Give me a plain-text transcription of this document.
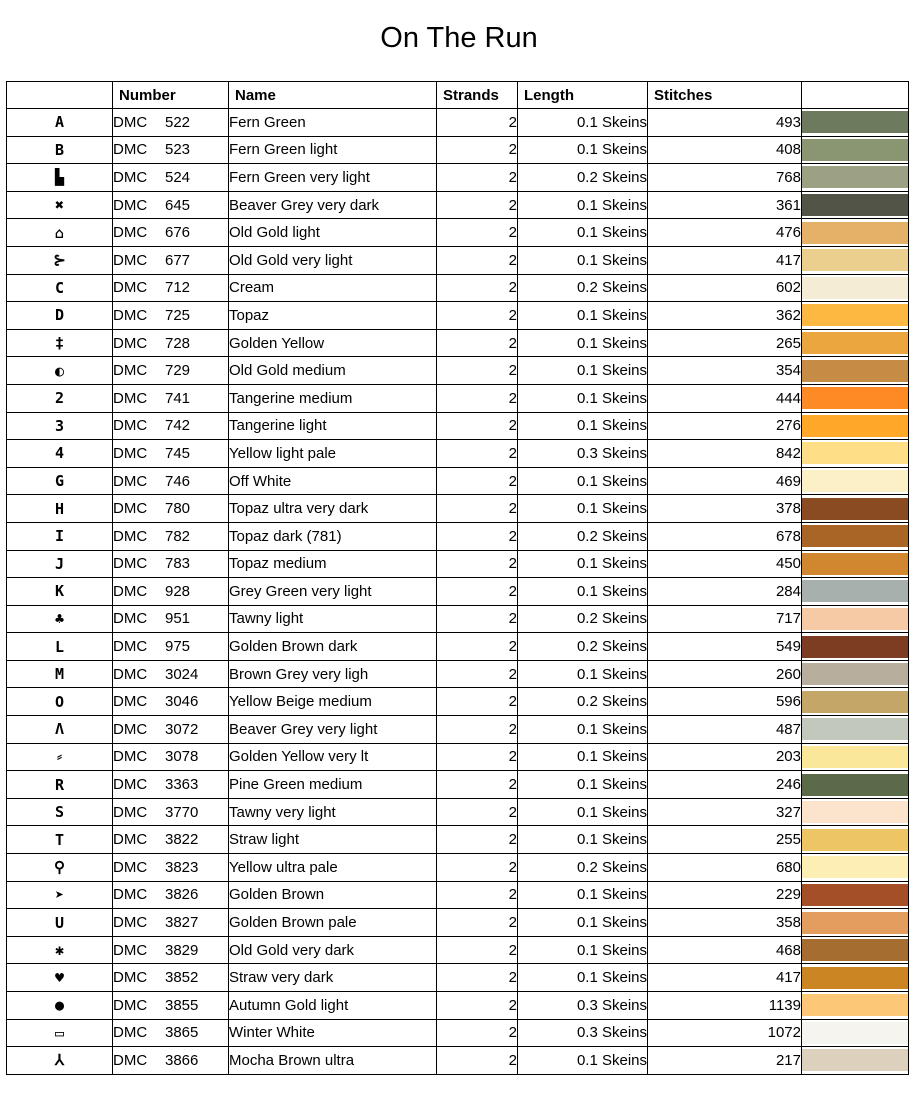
On The Run
	Number	Name	Strands	Length	Stitches	
A	DMC 522	Fern Green	2	0.1 Skeins	493	

B	DMC 523	Fern Green light	2	0.1 Skeins	408	

▙	DMC 524	Fern Green very light	2	0.2 Skeins	768	

✖	DMC 645	Beaver Grey very dark	2	0.1 Skeins	361	

⌂	DMC 676	Old Gold light	2	0.1 Skeins	476	

⊱	DMC 677	Old Gold very light	2	0.1 Skeins	417	

C	DMC 712	Cream	2	0.2 Skeins	602	

D	DMC 725	Topaz	2	0.1 Skeins	362	

‡	DMC 728	Golden Yellow	2	0.1 Skeins	265	

◐	DMC 729	Old Gold medium	2	0.1 Skeins	354	

2	DMC 741	Tangerine medium	2	0.1 Skeins	444	

3	DMC 742	Tangerine light	2	0.1 Skeins	276	

4	DMC 745	Yellow light pale	2	0.3 Skeins	842	

G	DMC 746	Off White	2	0.1 Skeins	469	

H	DMC 780	Topaz ultra very dark	2	0.1 Skeins	378	

I	DMC 782	Topaz dark (781)	2	0.2 Skeins	678	

J	DMC 783	Topaz medium	2	0.1 Skeins	450	

K	DMC 928	Grey Green very light	2	0.1 Skeins	284	

♣	DMC 951	Tawny light	2	0.2 Skeins	717	

L	DMC 975	Golden Brown dark	2	0.2 Skeins	549	

M	DMC 3024	Brown Grey very ligh	2	0.1 Skeins	260	

O	DMC 3046	Yellow Beige medium	2	0.2 Skeins	596	

Λ	DMC 3072	Beaver Grey very light	2	0.1 Skeins	487	

⸗	DMC 3078	Golden Yellow very lt	2	0.1 Skeins	203	

R	DMC 3363	Pine Green medium	2	0.1 Skeins	246	

S	DMC 3770	Tawny very light	2	0.1 Skeins	327	

T	DMC 3822	Straw light	2	0.1 Skeins	255	

⚲	DMC 3823	Yellow ultra pale	2	0.2 Skeins	680	

➤	DMC 3826	Golden Brown	2	0.1 Skeins	229	

U	DMC 3827	Golden Brown pale	2	0.1 Skeins	358	

✱	DMC 3829	Old Gold very dark	2	0.1 Skeins	468	

♥	DMC 3852	Straw very dark	2	0.1 Skeins	417	

●	DMC 3855	Autumn Gold light	2	0.3 Skeins	1139	

▭	DMC 3865	Winter White	2	0.3 Skeins	1072	

⅄	DMC 3866	Mocha Brown ultra	2	0.1 Skeins	217	
